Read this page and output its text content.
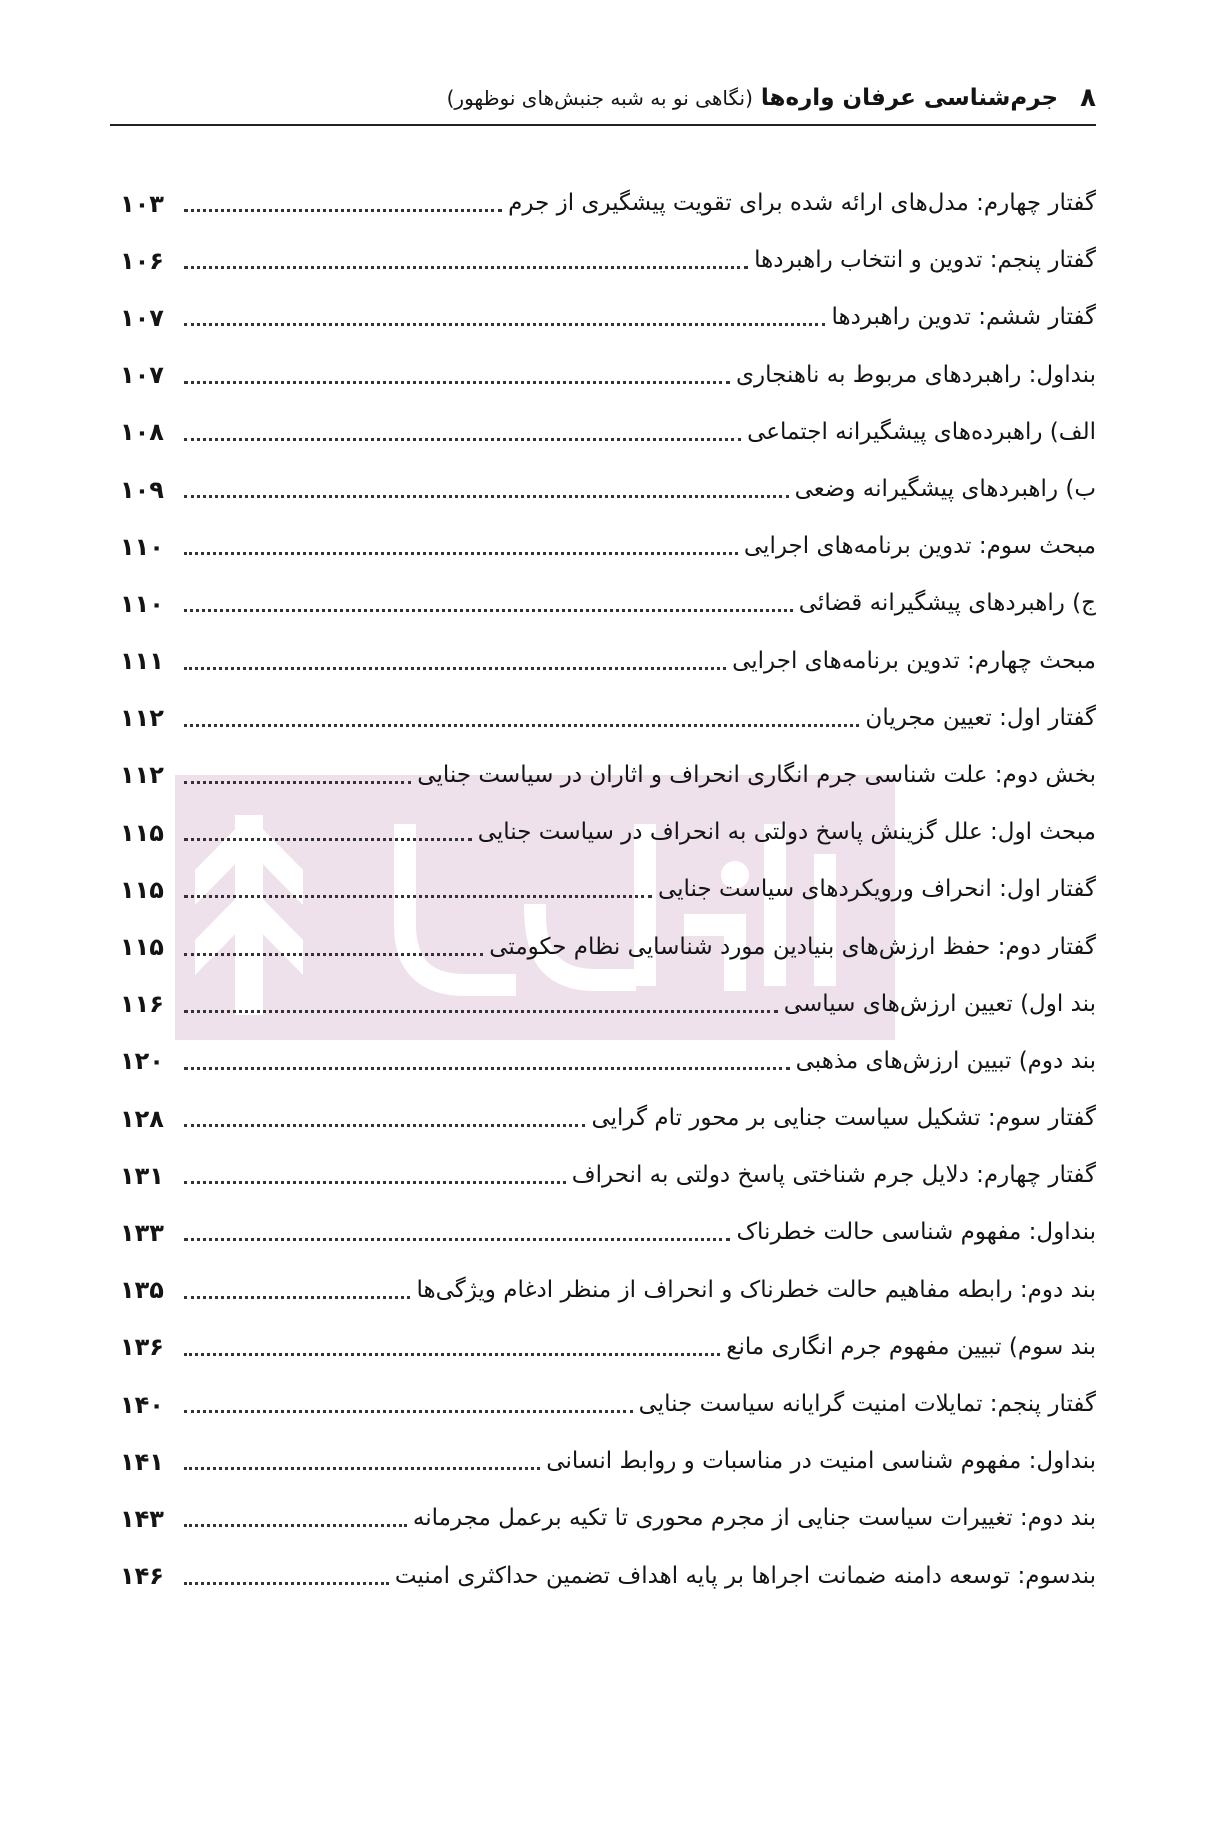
۸
جرم‌شناسی عرفان واره‌ها (نگاهی نو به شبه جنبش‌های نوظهور)
گفتار چهارم: مدل‌های ارائه شده برای تقویت پیشگیری از جرم
۱۰۳
گفتار پنجم: تدوین و انتخاب راهبردها
۱۰۶
گفتار ششم: تدوین راهبردها
۱۰۷
بنداول: راهبردهای مربوط به ناهنجاری
۱۰۷
الف) راهبرده‌های پیشگیرانه اجتماعی
۱۰۸
ب) راهبردهای پیشگیرانه وضعی
۱۰۹
مبحث سوم: تدوین برنامه‌های اجرایی
۱۱۰
ج) راهبردهای پیشگیرانه قضائی
۱۱۰
مبحث چهارم: تدوین برنامه‌های اجرایی
۱۱۱
گفتار اول: تعیین مجریان
۱۱۲
بخش دوم: علت شناسی جرم انگاری انحراف و اثاران در سیاست جنایی
۱۱۲
مبحث اول: علل گزینش پاسخ دولتی به انحراف در سیاست جنایی
۱۱۵
گفتار اول: انحراف ورویکردهای سیاست جنایی
۱۱۵
گفتار دوم: حفظ ارزش‌های بنیادین مورد شناسایی نظام حکومتی
۱۱۵
بند اول) تعیین ارزش‌های سیاسی
۱۱۶
بند دوم) تبیین ارزش‌های مذهبی
۱۲۰
گفتار سوم: تشکیل سیاست جنایی بر محور تام گرایی
۱۲۸
گفتار چهارم: دلایل جرم شناختی پاسخ دولتی به انحراف
۱۳۱
بنداول: مفهوم شناسی حالت خطرناک
۱۳۳
بند دوم: رابطه مفاهیم حالت خطرناک و انحراف از منظر ادغام ویژگی‌ها
۱۳۵
بند سوم) تبیین مفهوم جرم انگاری مانع
۱۳۶
گفتار پنجم: تمایلات امنیت گرایانه سیاست جنایی
۱۴۰
بنداول: مفهوم شناسی امنیت در مناسبات و روابط انسانی
۱۴۱
بند دوم: تغییرات سیاست جنایی از مجرم محوری تا تکیه برعمل مجرمانه
۱۴۳
بندسوم: توسعه دامنه ضمانت اجراها بر پایه اهداف تضمین حداکثری امنیت
۱۴۶
